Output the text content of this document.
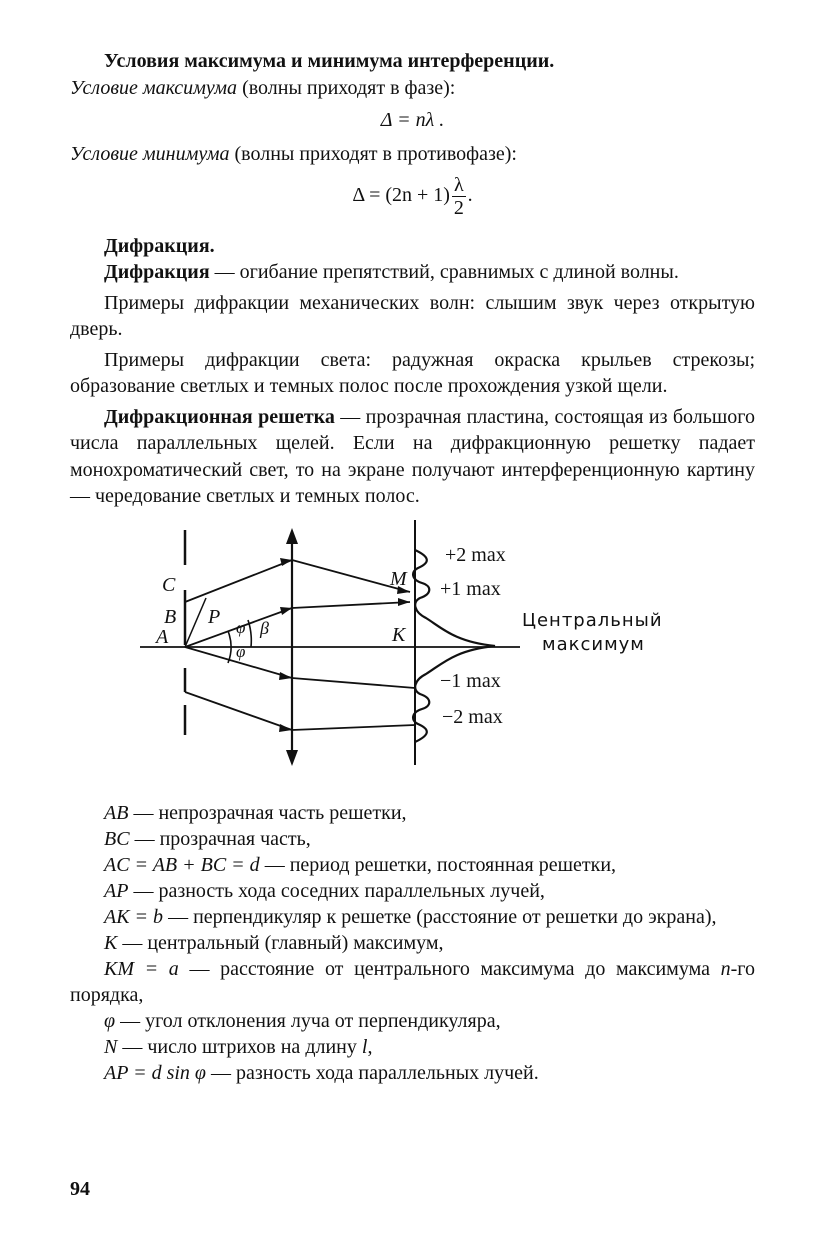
Условия максимума и минимума интерференции.

Условие максимума (волны приходят в фазе):

Δ = nλ .

Условие минимума (волны приходят в противофазе):

$\Delta = (2n + 1) \frac{\lambda}{2}$ .

Дифракция.

Дифракция — огибание препятствий, сравнимых с длиной волны.

Примеры дифракции механических волн: слышим звук через открытую дверь.

Примеры дифракции света: радужная окраска крыльев стрекозы; образование светлых и темных полос после прохождения узкой щели.

Дифракционная решетка — прозрачная пластина, состоящая из большого числа параллельных щелей. Если на дифракционную решетку падает монохроматический свет, то на экране получают интерференционную картину — чередование светлых и темных полос.

C
B
A
P φ
φ
β
M
K
+2 max
+1 max
Центральный
максимум
−1 max
−2 max

AB — непрозрачная часть решетки,

BC — прозрачная часть,

AC = AB + BC = d — период решетки, постоянная решетки,

AP — разность хода соседних параллельных лучей,

AK = b — перпендикуляр к решетке (расстояние от решетки до экрана),

K — центральный (главный) максимум,

KM = a — расстояние от центрального максимума до максимума n-го порядка,

φ — угол отклонения луча от перпендикуляра,

N — число штрихов на длину l,

AP = d sin φ — разность хода параллельных лучей.

94
